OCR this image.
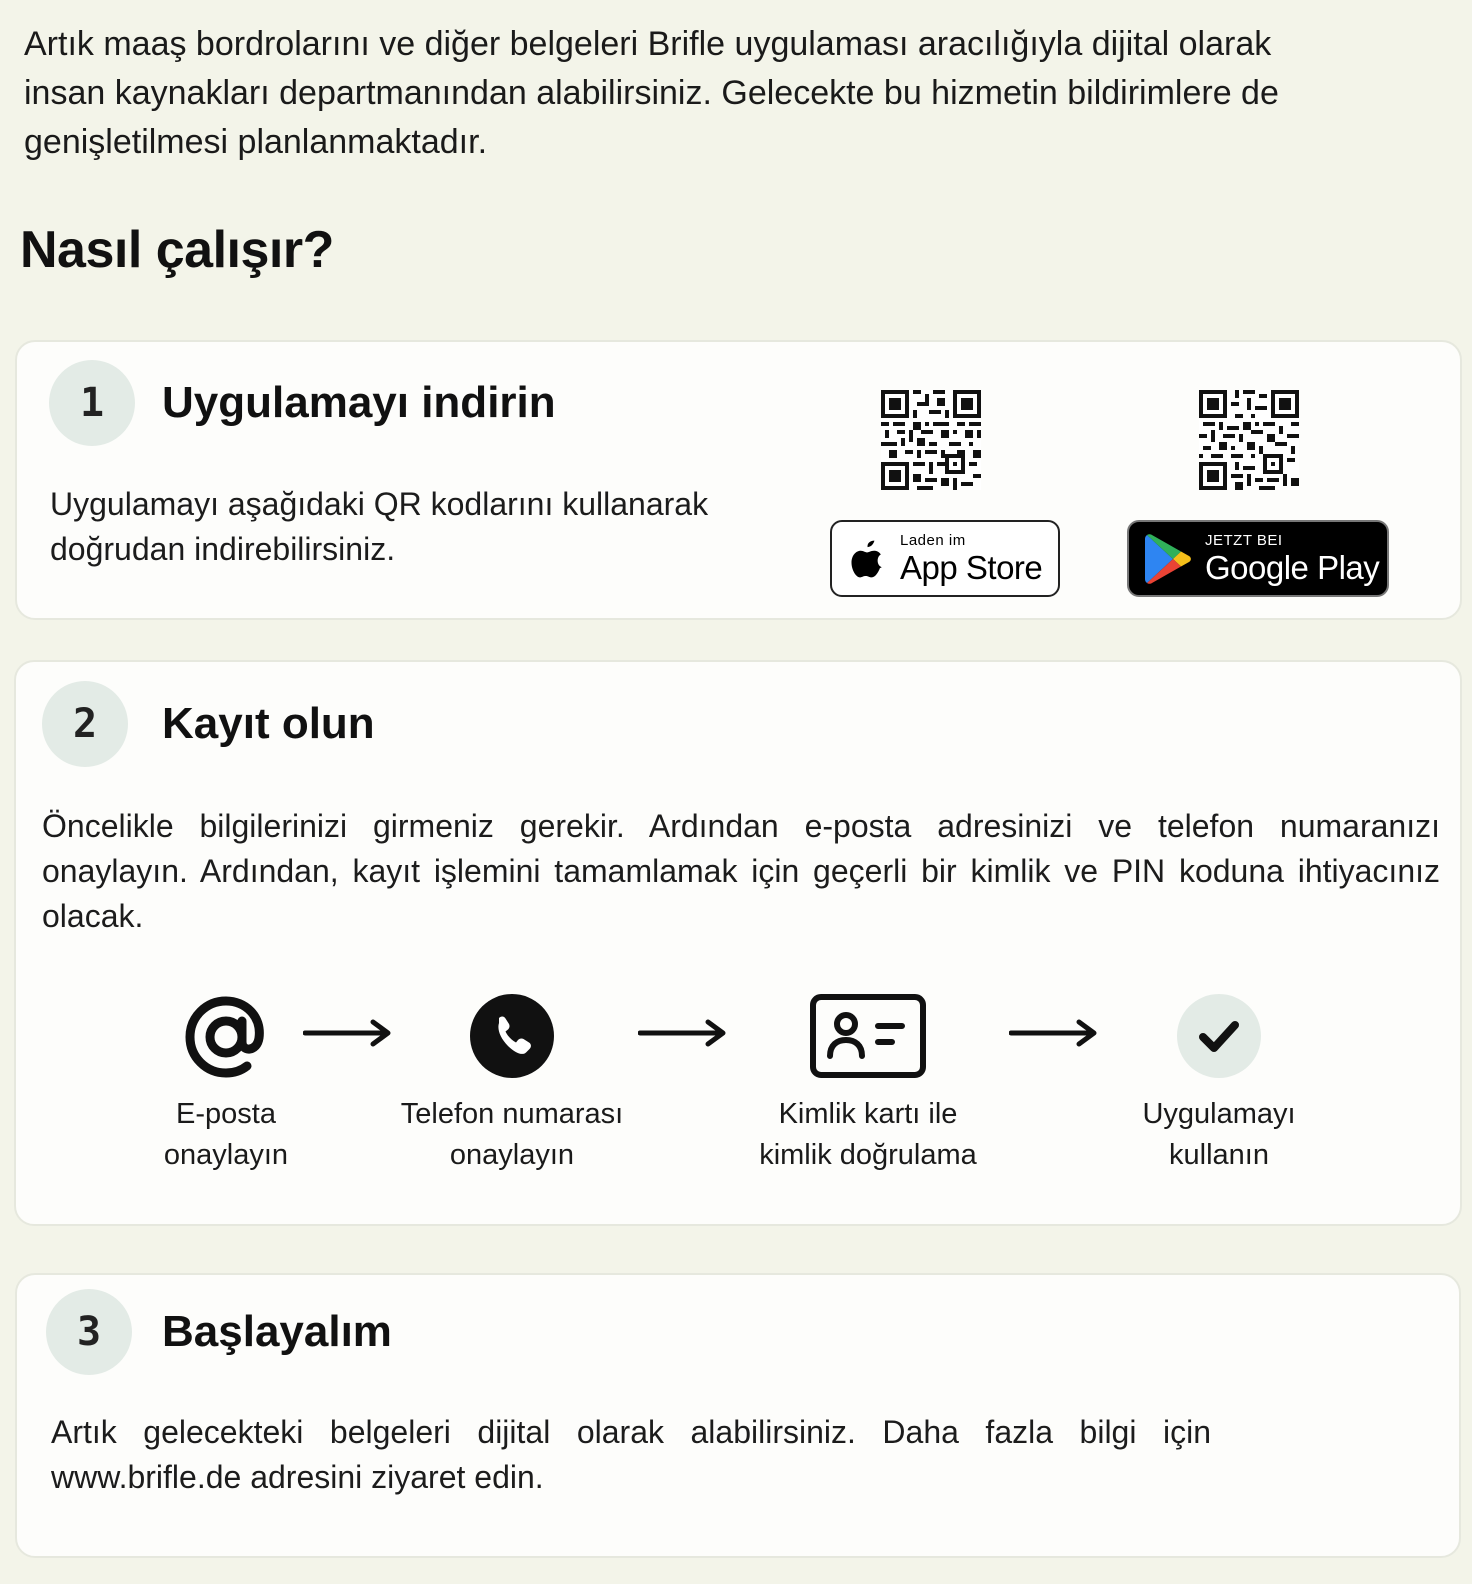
Artık maaş bordrolarını ve diğer belgeleri Brifle uygulaması aracılığıyla dijital olarak
insan kaynakları departmanından alabilirsiniz. Gelecekte bu hizmetin bildirimlere de
genişletilmesi planlanmaktadır.
Nasıl çalışır?
1	Uygulamayı indirin
Uygulamayı aşağıdaki QR kodlarını kullanarak
doğrudan indirebilirsiniz.	Laden im
App Store
JETZT BEI
Google Play
2	Kayıt olun
Öncelikle bilgilerinizi girmeniz gerekir. Ardından e-posta adresinizi ve telefon numaranızı onaylayın. Ardından, kayıt işlemini tamamlamak için geçerli bir kimlik ve PIN koduna ihtiyacınız olacak.
E-posta
onaylayın
Telefon numarası
onaylayın
Kimlik kartı ile
kimlik doğrulama
Uygulamayı
kullanın
3	Başlayalım
Artık gelecekteki belgeleri dijital olarak alabilirsiniz. Daha fazla bilgi için
www.brifle.de adresini ziyaret edin.
